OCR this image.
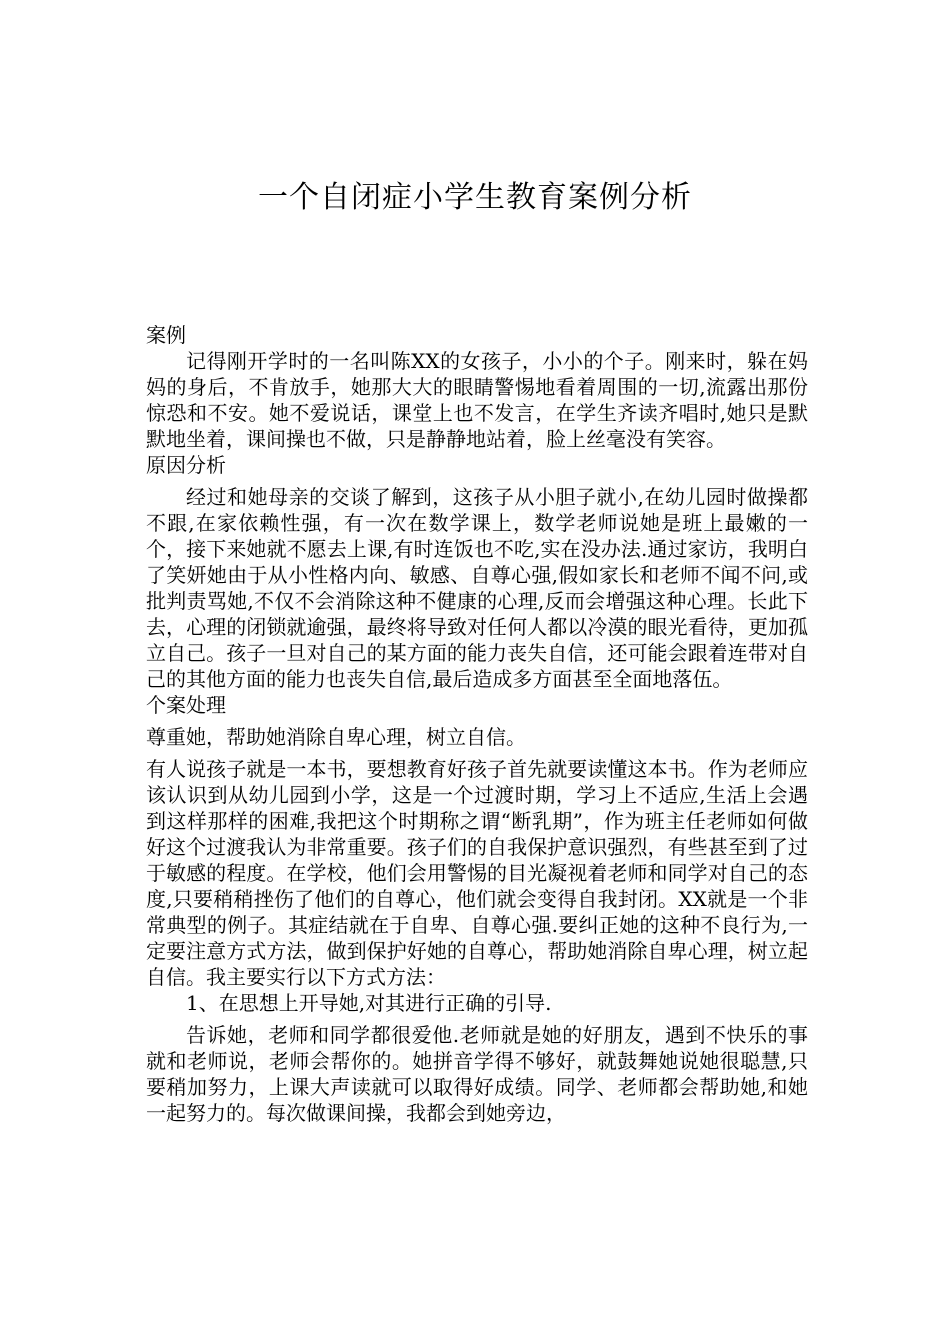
一个自闭症小学生教育案例分析

案例

记得刚开学时的一名叫陈XX的女孩子，小小的个子。刚来时，躲在妈妈的身后，不肯放手，她那大大的眼睛警惕地看着周围的一切,流露出那份惊恐和不安。她不爱说话，课堂上也不发言，在学生齐读齐唱时,她只是默默地坐着，课间操也不做，只是静静地站着，脸上丝毫没有笑容。

原因分析

经过和她母亲的交谈了解到，这孩子从小胆子就小,在幼儿园时做操都不跟,在家依赖性强，有一次在数学课上，数学老师说她是班上最嫩的一个，接下来她就不愿去上课,有时连饭也不吃,实在没办法.通过家访，我明白了笑妍她由于从小性格内向、敏感、自尊心强,假如家长和老师不闻不问,或批判责骂她,不仅不会消除这种不健康的心理,反而会增强这种心理。长此下去，心理的闭锁就逾强，最终将导致对任何人都以冷漠的眼光看待，更加孤立自己。孩子一旦对自己的某方面的能力丧失自信，还可能会跟着连带对自己的其他方面的能力也丧失自信,最后造成多方面甚至全面地落伍。

个案处理

尊重她，帮助她消除自卑心理，树立自信。

有人说孩子就是一本书，要想教育好孩子首先就要读懂这本书。作为老师应该认识到从幼儿园到小学，这是一个过渡时期，学习上不适应,生活上会遇到这样那样的困难,我把这个时期称之谓“断乳期”，作为班主任老师如何做好这个过渡我认为非常重要。孩子们的自我保护意识强烈，有些甚至到了过于敏感的程度。在学校，他们会用警惕的目光凝视着老师和同学对自己的态度,只要稍稍挫伤了他们的自尊心，他们就会变得自我封闭。XX就是一个非常典型的例子。其症结就在于自卑、自尊心强.要纠正她的这种不良行为,一定要注意方式方法，做到保护好她的自尊心，帮助她消除自卑心理，树立起自信。我主要实行以下方式方法：

1、在思想上开导她,对其进行正确的引导.

告诉她，老师和同学都很爱他.老师就是她的好朋友，遇到不快乐的事就和老师说，老师会帮你的。她拼音学得不够好，就鼓舞她说她很聪慧,只要稍加努力，上课大声读就可以取得好成绩。同学、老师都会帮助她,和她一起努力的。每次做课间操，我都会到她旁边，
